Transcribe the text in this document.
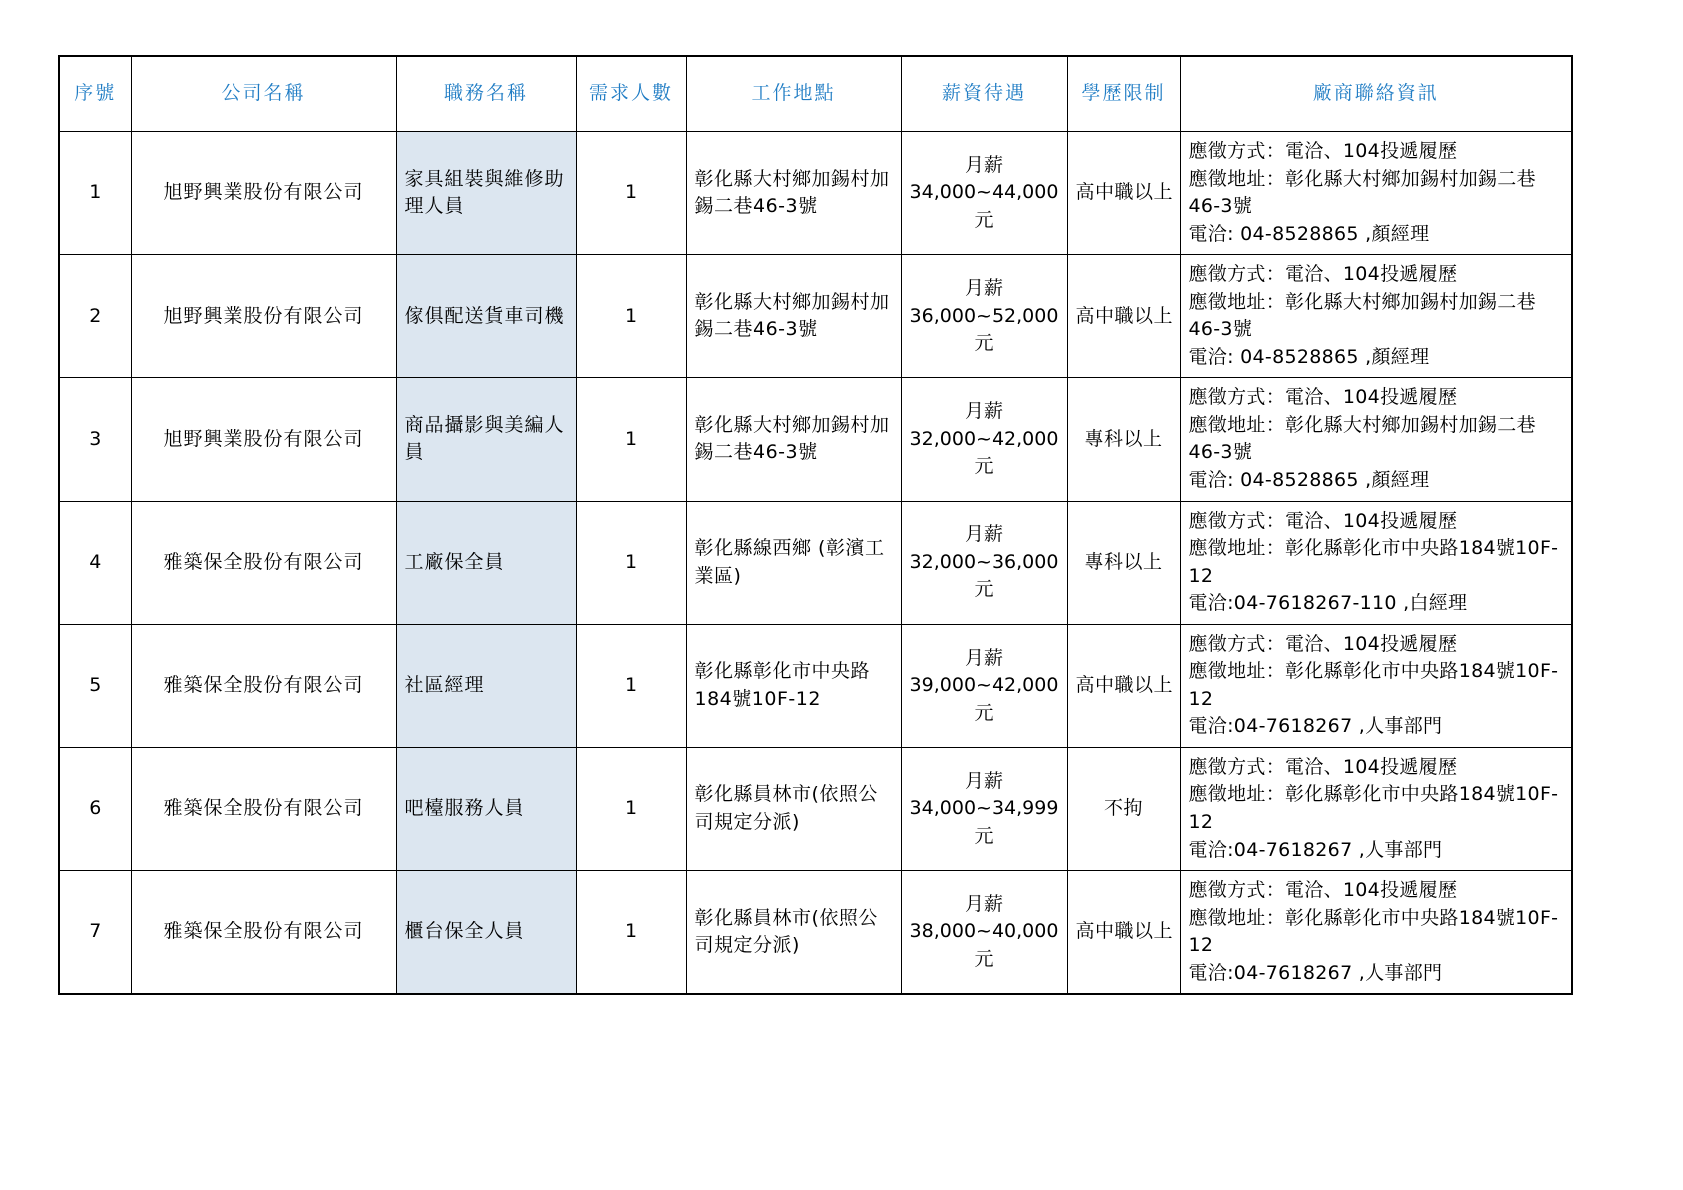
序號	公司名稱	職務名稱	需求人數	工作地點	薪資待遇	學歷限制	廠商聯絡資訊
1	旭野興業股份有限公司	家具組裝與維修助理人員	1	彰化縣大村鄉加錫村加錫二巷46-3號	月薪34,000~44,000元	高中職以上	應徵方式：電洽、104投遞履歷
應徵地址：彰化縣大村鄉加錫村加錫二巷46-3號
電洽: 04-8528865 ,顏經理

2	旭野興業股份有限公司	傢俱配送貨車司機	1	彰化縣大村鄉加錫村加錫二巷46-3號	月薪36,000~52,000元	高中職以上	應徵方式：電洽、104投遞履歷
應徵地址：彰化縣大村鄉加錫村加錫二巷46-3號
電洽: 04-8528865 ,顏經理

3	旭野興業股份有限公司	商品攝影與美編人員	1	彰化縣大村鄉加錫村加錫二巷46-3號	月薪32,000~42,000元	專科以上	應徵方式：電洽、104投遞履歷
應徵地址：彰化縣大村鄉加錫村加錫二巷46-3號
電洽: 04-8528865 ,顏經理

4	雅築保全股份有限公司	工廠保全員	1	彰化縣線西鄉 (彰濱工業區)	月薪32,000~36,000元	專科以上	應徵方式：電洽、104投遞履歷
應徵地址：彰化縣彰化市中央路184號10F-12
電洽:04-7618267-110 ,白經理

5	雅築保全股份有限公司	社區經理	1	彰化縣彰化市中央路184號10F-12	月薪39,000~42,000元	高中職以上	應徵方式：電洽、104投遞履歷
應徵地址：彰化縣彰化市中央路184號10F-12
電洽:04-7618267 ,人事部門

6	雅築保全股份有限公司	吧檯服務人員	1	彰化縣員林市(依照公司規定分派)	月薪34,000~34,999元	不拘	應徵方式：電洽、104投遞履歷
應徵地址：彰化縣彰化市中央路184號10F-12
電洽:04-7618267 ,人事部門

7	雅築保全股份有限公司	櫃台保全人員	1	彰化縣員林市(依照公司規定分派)	月薪38,000~40,000元	高中職以上	應徵方式：電洽、104投遞履歷
應徵地址：彰化縣彰化市中央路184號10F-12
電洽:04-7618267 ,人事部門
